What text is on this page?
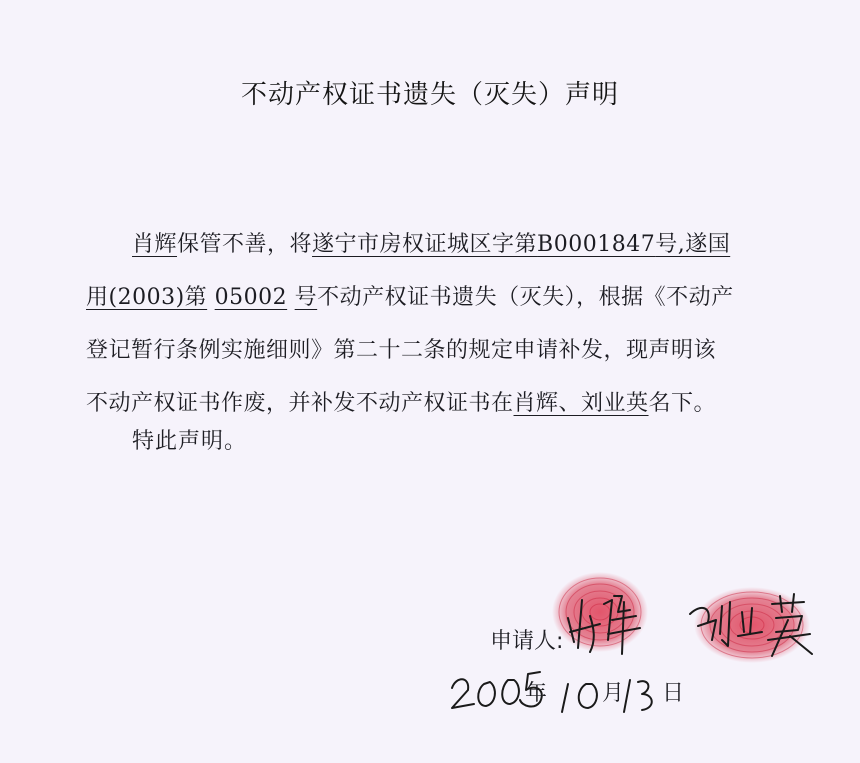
不动产权证书遗失（灭失）声明

肖辉保管不善，将遂宁市房权证城区字第B0001847号,遂国

用(2003)第 05002 号不动产权证书遗失（灭失），根据《不动产

登记暂行条例实施细则》第二十二条的规定申请补发，现声明该

不动产权证书作废，并补发不动产权证书在肖辉、刘业英名下。

特此声明。
申请人:
年 月 日
